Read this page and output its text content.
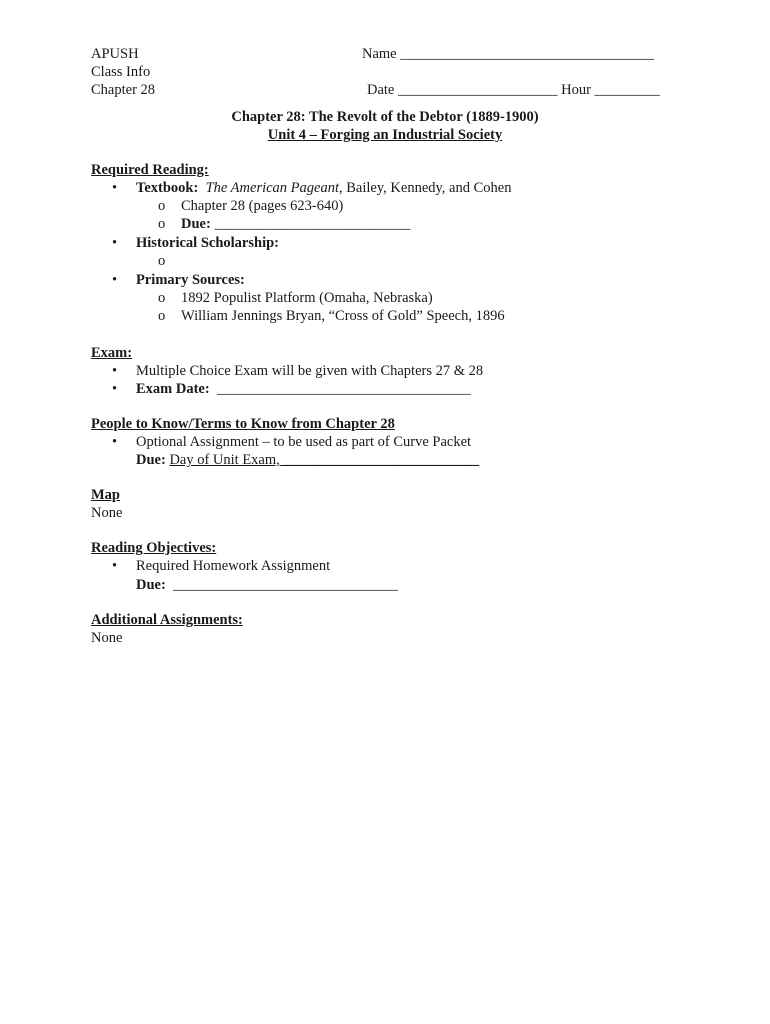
APUSH	Name ___________________________________
Class Info
Chapter 28	Date ______________________ Hour _________
Chapter 28: The Revolt of the Debtor (1889-1900)
Unit 4 – Forging an Industrial Society
Required Reading:
• Textbook: The American Pageant, Bailey, Kennedy, and Cohen
o Chapter 28 (pages 623-640)
o Due: ___________________________
• Historical Scholarship:
o
• Primary Sources:
o 1892 Populist Platform (Omaha, Nebraska)
o William Jennings Bryan, “Cross of Gold” Speech, 1896
Exam:
• Multiple Choice Exam will be given with Chapters 27 & 28
• Exam Date: ___________________________________
People to Know/Terms to Know from Chapter 28
• Optional Assignment – to be used as part of Curve Packet
Due: Day of Unit Exam, ___________________________
Map
None
Reading Objectives:
• Required Homework Assignment
Due: _______________________________
Additional Assignments:
None
